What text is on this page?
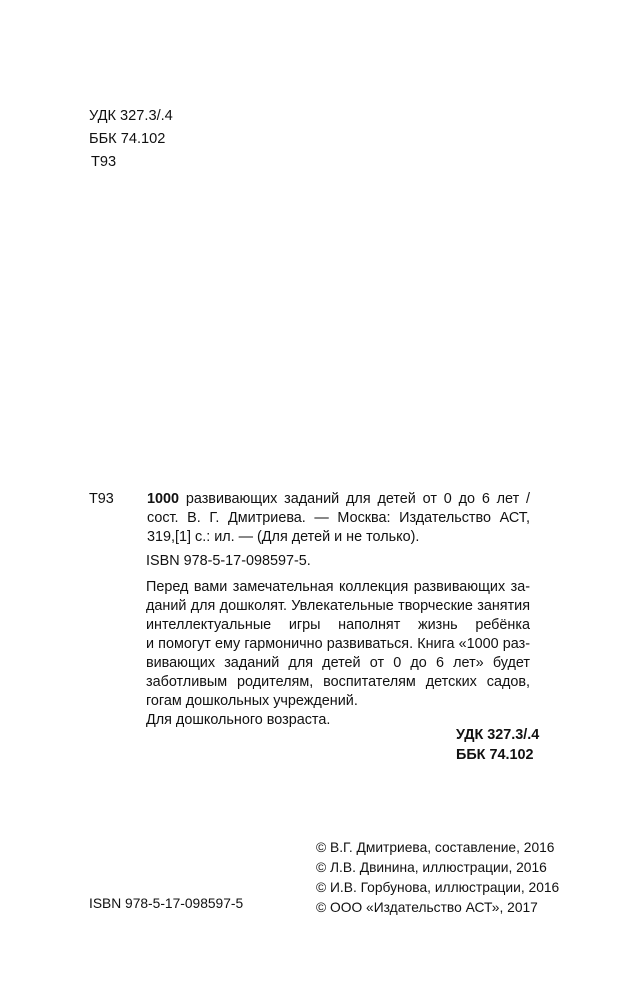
УДК 327.3/.4
ББК 74.102
Т93
Т93 1000 развивающих заданий для детей от 0 до 6 лет /
сост. В. Г. Дмитриева. — Москва: Издательство АСТ,
319,[1] с.: ил. — (Для детей и не только).
ISBN 978-5-17-098597-5.
Перед вами замечательная коллекция развивающих за-
даний для дошколят. Увлекательные творческие занятия
интеллектуальные игры наполнят жизнь ребёнка
и помогут ему гармонично развиваться. Книга «1000 раз-
вивающих заданий для детей от 0 до 6 лет» будет
заботливым родителям, воспитателям детских садов,
гогам дошкольных учреждений.
Для дошкольного возраста.
УДК 327.3/.4
ББК 74.102
© В.Г. Дмитриева, составление, 2016
© Л.В. Двинина, иллюстрации, 2016
© И.В. Горбунова, иллюстрации, 2016
© ООО «Издательство АСТ», 2017
ISBN 978-5-17-098597-5
